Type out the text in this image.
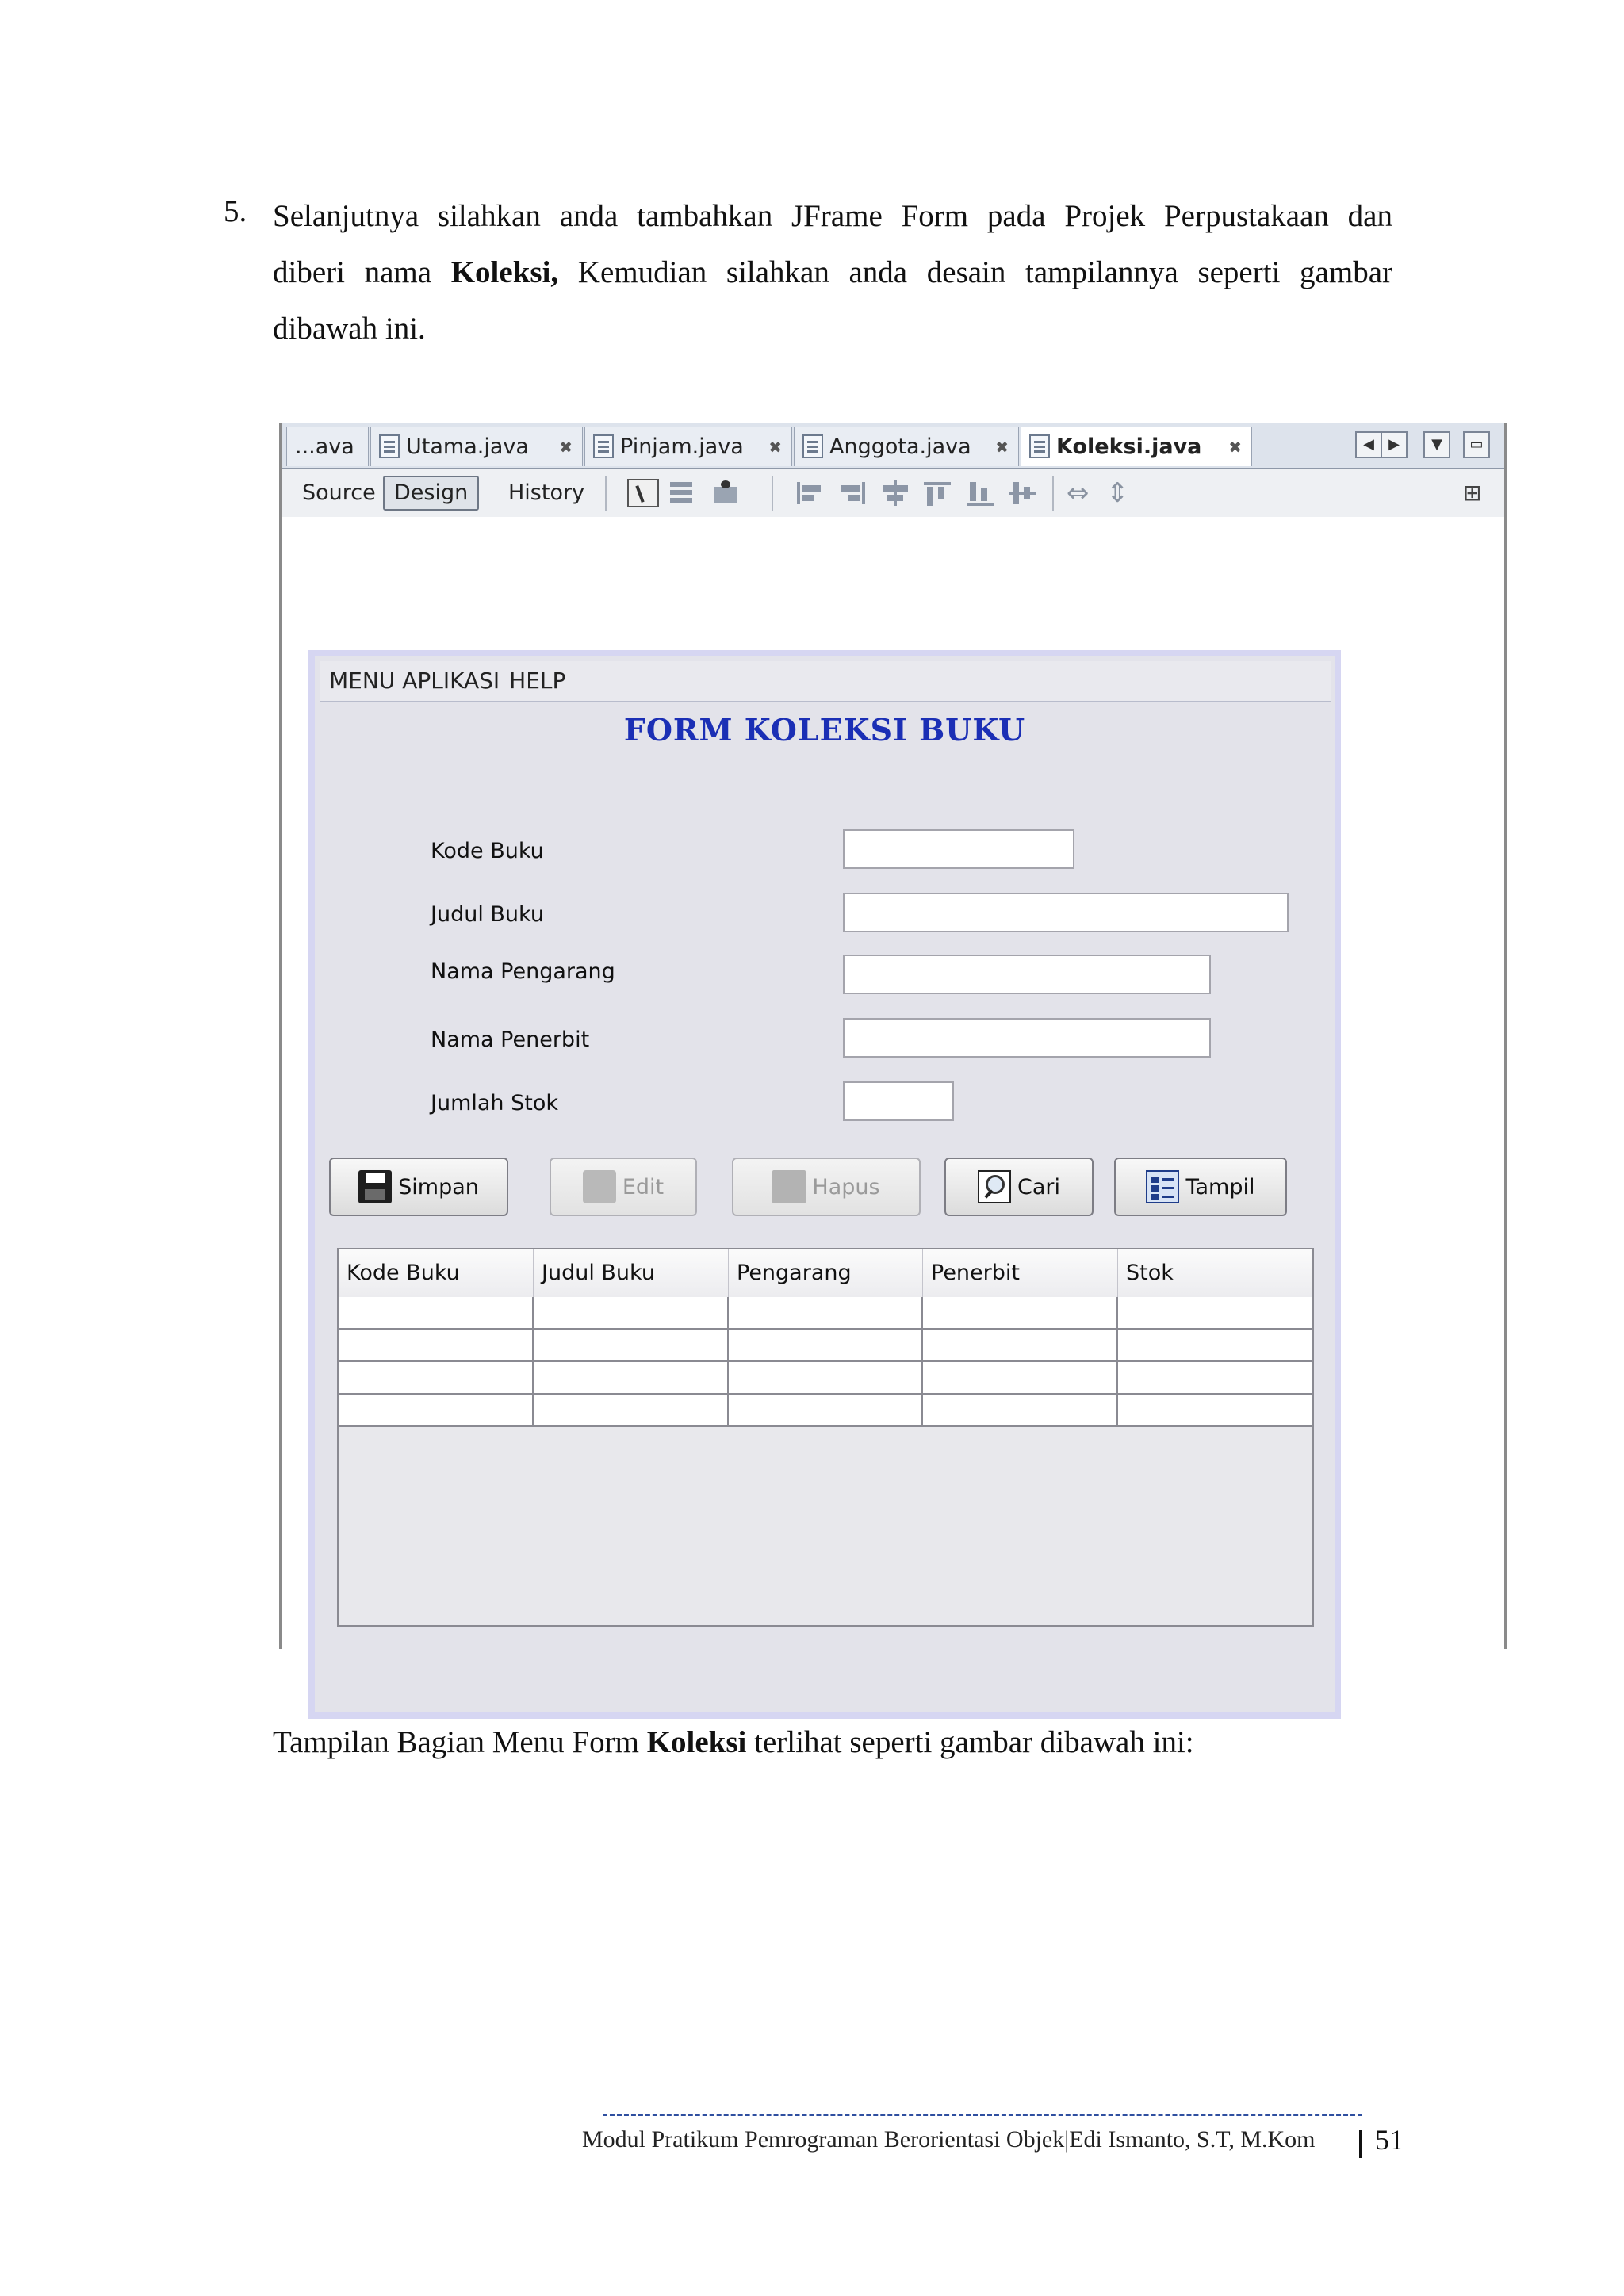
5. Selanjutnya silahkan anda tambahkan JFrame Form pada Projek Perpustakaan dan
diberi nama Koleksi, Kemudian silahkan anda desain tampilannya seperti gambar
dibawah ini.
...ava	Utama.java ✖	Pinjam.java ✖	Anggota.java ✖	Koleksi.java ✖	◀	▶	▼	▭
Source Design	History	⇔ ⇕	⊞
MENU APLIKASI HELP
FORM KOLEKSI BUKU
Kode Buku
Judul Buku
Nama Pengarang
Nama Penerbit
Jumlah Stok
Simpan	Edit	Hapus	Cari	Tampil
Kode Buku	Judul Buku	Pengarang	Penerbit	Stok
Tampilan Bagian Menu Form Koleksi terlihat seperti gambar dibawah ini:
Modul Pratikum Pemrograman Berorientasi Objek|Edi Ismanto, S.T, M.Kom 51
